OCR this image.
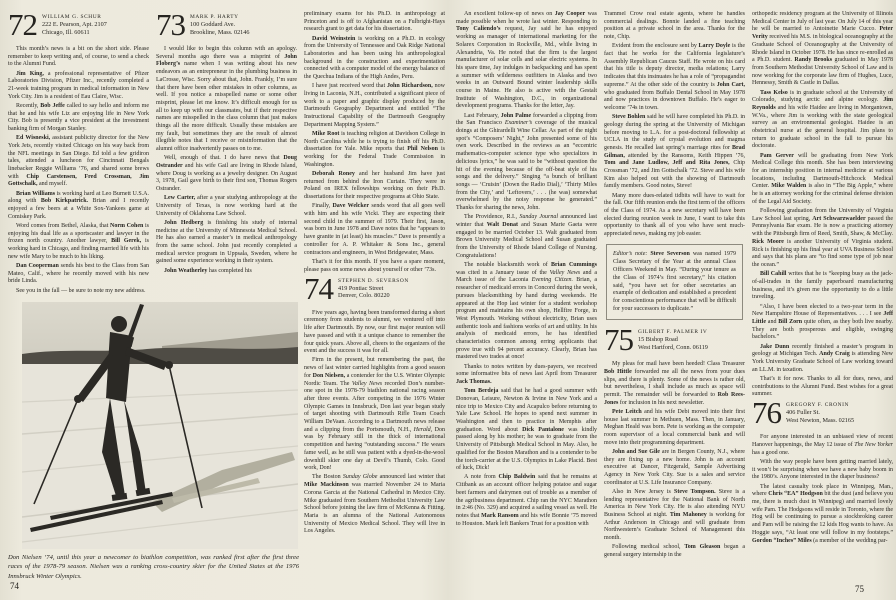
72 WILLIAM G. SCHUR
222 E. Pearson, Apt. 2107
Chicago, Ill. 60611

This month’s news is a bit on the short side. Please remember to keep writing and, of course, to send a check to the Alumni Fund.

Jim King, a professional representative of Pfizer Laboratories Division, Pfizer Inc., recently completed a 21-week training program in medical information in New York City. Jim is a resident of Eau Claire, Wisc.

Recently, Bob Jeffe called to say hello and inform me that he and his wife Liz are enjoying life in New York City. Bob is presently a vice president at the investment banking firm of Morgan Stanley.

Ed Wisneski, assistant publicity director for the New York Jets, recently visited Chicago on his way back from the NFL meetings in San Diego. Ed told a few gridiron tales, attended a luncheon for Cincinnati Bengals linebacker Reggie Williams ’76, and shared some brews with Chip Carstensen, Fred Crossman, Jim Gottschalk, and myself.

Brian Williams is working hard at Leo Burnett U.S.A. along with Bob Kirkpatrick. Brian and I recently enjoyed a few beers at a White Sox-Yankees game at Comiskey Park.

Word comes from Bethel, Alaska, that Norm Cohen is enjoying his dual life as a sportscaster and lawyer in the frozen north country. Another lawyer, Bill Gerek, is working hard in Chicago, and finding married life with his new wife Mary to be much to his liking.

Dan Cooperman sends his best to the Class from San Mateo, Calif., where he recently moved with his new bride Linda.

See you in the fall — be sure to note my new address.

73 MARK P. HARTY
100 Goddard Ave.
Brookline, Mass. 02146

I would like to begin this column with an apology. Several months ago there was a misprint of John Floberg’s name when I was writing about his new endeavors as an entrepreneur in the plumbing business in LaCrosse, Wisc. Sorry about that, John. Frankly, I’m sure that there have been other mistakes in other columns, as well. If you notice a misspelled name or some other misprint, please let me know. It’s difficult enough for us all to keep up with our classmates, but if their respective names are misspelled in the class column that just makes things all the more difficult. Usually these mistakes are my fault, but sometimes they are the result of almost illegible notes that I receive or misinformation that the alumni office inadvertently passes on to me.

Well, enough of that. I do have news that Doug Ostrander and his wife Gail are living in Rhode Island, where Doug is working as a jewelry designer. On August 3, 1978, Gail gave birth to their first son, Thomas Rogers Ostrander.

Lew Carter, after a year studying anthropology at the University of Texas, is now working hard at the University of Oklahoma Law School.

John Hedberg is finishing his study of internal medicine at the University of Minnesota Medical School. He has also earned a master’s in medical anthropology from the same school. John just recently completed a medical service program in Uppsala, Sweden, where he gained some experience working in their system.

John Weatherley has completed his

preliminary exams for his Ph.D. in anthropology at Princeton and is off to Afghanistan on a Fulbright-Hays research grant to get data for his dissertation.

David Weinstein is working on a Ph.D. in ecology from the University of Tennessee and Oak Ridge National Laboratories and has been using his anthropological background in the construction and experimentation connected with a computer model of the energy balance of the Quechua Indians of the High Andes, Peru.

I have just received word that John Richardson, now living in Laconia, N.H., contributed a significant piece of work to a paper and graphic display produced by the Dartmouth Geography Department and entitled “The Instructional Capability of the Dartmouth Geography Department Mapping System.”

Mike Root is teaching religion at Davidson College in North Carolina while he is trying to finish off his Ph.D. dissertation for Yale. Mike reports that Phil Nelson is working for the Federal Trade Commission in Washington.

Deborah Roney and her husband Jim have just returned from behind the Iron Curtain. They were in Poland on IREX fellowships working on their Ph.D. dissertations for their respective programs at Ohio State.

Finally, Dave Welcker sends word that all goes well with him and his wife Vicki. They are expecting their second child in the summer of 1979. Their first, Jason, was born in June 1978 and Dave notes that he “appears to have granite in (at least) his muscles.” Dave is presently a controller for A. P. Whitaker & Sons Inc., general contractors and engineers, in West Bridgewater, Mass.

That’s it for this month. If you have a spare moment, please pass on some news about yourself or other ’73s.

74 STEPHEN D. SEVERSON
419 Pontiac Street
Denver, Colo. 80220

Five years ago, having been transformed during a short ceremony from students to alumni, we ventured off into life after Dartmouth. By now, our first major reunion will have passed and with it a unique chance to remember the four quick years. Above all, cheers to the organizers of the event and the success it was for all.

Firm in the present, but remembering the past, the news of last winter carried highlights from a good season for Don Nielsen, a contender for the U.S. Winter Olympic Nordic Team. The Valley News recorded Don’s number-one spot in the 1978-79 biathlon national racing season after three events. After competing in the 1976 Winter Olympic Games in Innsbruck, Don last year began study of target shooting with Dartmouth Rifle Team Coach William DeVaan. According to a Dartmouth news release and a clipping from the Portsmouth, N.H., Herald, Don was by February still in the thick of international competition and having “outstanding success.” He wears fame well, as he still was patient with a dyed-in-the-wool downhill skier one day at Devil’s Thumb, Colo. Good work, Don!

The Boston Sunday Globe announced last winter that Mike Mackinson was married November 24 to Maria Corona Garcia at the National Cathedral in Mexico City. Mike graduated from Southern Methodist University Law School before joining the law firm of McKenna & Fitting. Maria is an alumna of the National Autonomous University of Mexico Medical School. They will live in Los Angeles.

An excellent follow-up of news on Jay Cooper was made possible when he wrote last winter. Responding to Tony Caliendo’s request, Jay said he has enjoyed working as manager of international marketing for the Solarex Corporation in Rockville, Md., while living in Alexandria, Va. He noted that the firm is the largest manufacturer of solar cells and solar electric systems. In his spare time, Jay indulges in backpacking and has spent a summer with wilderness outfitters in Alaska and two weeks in an Outward Bound winter leadership skills course in Maine. He also is active with the Gestalt Institute of Washington, D.C., in organizational development programs. Thanks for the letter, Jay.

Last February, John Palme forwarded a clipping from the San Francisco Examiner’s coverage of the musical doings at the Ghirardelli Wine Cellar. As part of the night spot’s “Composers’ Night,” John presented some of his own work. Described in the reviews as an “eccentric mathematics-computer science type who specializes in delicious lyrics,” he was said to be “without question the hit of the evening because of the off-beat style of his songs and the delivery.” Singing “a bunch of brilliant songs — ‘Cruisin’ (Down the Radio Dial),’ ‘Thirty Miles from the City,’ and ‘Leftovers,’ . . . (he was) somewhat overwhelmed by the noisy response he generated.” Thanks for sharing the news, John.

The Providence, R.I., Sunday Journal announced last winter that Walt Donat and Susan Marie Gaeta were engaged to be married October 13. Walt graduated from Brown University Medical School and Susan graduated from the University of Rhode Island College of Nursing. Congratulations!

The notable blacksmith work of Brian Cummings was cited in a January issue of the Valley News and a March issue of the Laconia Evening Citizen. Brian, a researcher of medicaid errors in Concord during the week, pursues blacksmithing by hand during weekends. He appeared at the Hop last winter for a student workshop program and maintains his own shop, Hellfire Forge, in West Plymouth. Working without electricity, Brian uses authentic tools and fashions works of art and utility. In his analysis of medicaid errors, he has identified characteristics common among erring applicants that prove true with 94 percent accuracy. Clearly, Brian has mastered two trades at once!

Thanks to notes written by dues-payers, we received some informative bits of news last April from Treasurer Jack Thomas.

Tom Berdeja said that he had a good summer with Donovan, Leisure, Newton & Irvine in New York and a nice trip to Mexico City and Acapulco before returning to Yale Law School. He hopes to spend next summer in Washington and then to practice in Memphis after graduation. Word about Dick Pantalone was kindly passed along by his mother; he was to graduate from the University of Pittsburgh Medical School in May. Also, he qualified for the Boston Marathon and is a contender to be the torch-carrier at the U.S. Olympics in Lake Placid. Best of luck, Dick!

A note from Chip Baldwin said that he remains at Citibank as an account officer helping potatoe and sugar beet farmers and dairymen out of trouble as a member of the agribusiness department. Chip ran the NYC Marathon in 2:46 (No. 329) and acquired a sailing vessel as well. He notes that Mark Ransom and his wife Bonnie ’75 moved to Houston. Mark left Bankers Trust for a position with

Trammel Crow real estate agents, where he handles commercial dealings. Bonnie landed a fine teaching position at a private school in the area. Thanks for the note, Chip.

Evident from the enclosure sent by Larry Doyle is the fact that he works for the California legislature’s Assembly Republican Caucus Staff. He wrote on his card that his title is deputy director, media relations; Larry indicates that this insinuates he has a role of “propagandist supreme.” At the other side of the country is John Cart, who graduated from Buffalo Dental School in May 1978 and now practices in downtown Buffalo. He’s eager to welcome ’74s in town.

Steve Bohlen said he will have completed his Ph.D. in geology during the spring at the University of Michigan before moving to L.A. for a post-doctoral fellowship at UCLA in the study of crystal evolution and magma genesis. He recalled last spring’s marriage rites for Brad Gilman, attended by the Ransoms, Keith Hippen ’76, Tom and Jane Ludlow, Jeff and Rita Jones, Chip Crossman ’72, and Jim Gottschalk ’72. Steve and his wife Kim also helped out with the showing of Dartmouth family members. Good notes, Steve!

Many more dues-related tidbits will have to wait for the fall. Our fifth reunion ends the first term of the officers of the Class of 1974. As a new secretary will have been elected during reunion week in June, I want to take this opportunity to thank all of you who have sent much-appreciated news, making my job easier.

Editor’s note: Steve Severson was named 1979 Class Secretary of the Year at the annual Class Officers Weekend in May. “During your tenure as the Class of 1974’s first secretary,” his citation said, “you have set for other secretaries an example of dedication and established a precedent for conscientious performance that will be difficult for your successors to duplicate.”
75 GILBERT F. PALMER IV
15 Bishop Road
West Hartford, Conn. 06119

My pleas for mail have been heeded! Class Treasurer Bob Hittle forwarded me all the news from your dues slips, and there is plenty. Some of the news is rather old, but nevertheless, I shall include as much as space will permit. The remainder will be forwarded to Rob Rees-Jones for inclusion in his next newsletter.

Pete Leitch and his wife Debi moved into their first house last summer in Methuen, Mass. Then, in January, Meghan Heald was born. Pete is working as the computer room supervisor of a local commercial bank and will move into their programming department.

John and Sue Gile are in Bergen County, N.J., where they are fixing up a new home. John is an account executive at Dancer, Fitzgerald, Sample Advertising Agency in New York City. Sue is a sales and service coordinator at U.S. Life Insurance Company.

Also in New Jersey is Steve Tompson. Steve is a lending representative for the National Bank of North America in New York City. He is also attending NYU Business School at night. Tim Mahoney is working for Arthur Anderson in Chicago and will graduate from Northwestern’s Graduate School of Management this month.

Following medical school, Tom Gleason began a general surgery internship in the

orthopedic residency program at the University of Illinois Medical Center in July of last year. On July 14 of this year he will be married to Antoinette Marie Cucco. Peter Verity received his M.S. in biological oceanography at the Graduate School of Oceanography at the University of Rhode Island in October 1978. He has since re-enrolled as a Ph.D. student. Randy Brooks graduated in May 1978 from Southern Methodist University School of Law and is now working for the corporate law firm of Hughes, Luce, Hennessy, Smith & Castle in Dallas.

Tass Kelso is in graduate school at the University of Colorado, studying arctic and alpine ecology. Jim Reynolds and his wife Haidee are living in Morgantown, W.Va., where Jim is working with the state geological survey as an environmental geologist. Haidee is an obstetrical nurse at the general hospital. Jim plans to return to graduate school in the fall to pursue his doctorate.

Pam Gerver will be graduating from New York Medical College this month. She has been interviewing for an internship position in internal medicine at various locations, including Dartmouth-Hitchcock Medical Center. Mike Walden is also in “The Big Apple,” where he is an attorney working for the criminal defense division of the Legal Aid Society.

Following graduation from the University of Virginia Law School last spring, Art Schwarzwaelder passed the Pennsylvania Bar exam. He is now a practicing attorney with the Pittsburgh firm of Reed, Smith, Shaw, & McClay. Rick Moore is another University of Virginia student. Rick is finishing up his final year at UVA Business School and says that his plans are “to find some type of job near the ocean.”

Bill Cahill writes that he is “keeping busy as the jack-of-all-trades in the family paperboard manufacturing business, and it’s given me the opportunity to do a little traveling.

“Also, I have been elected to a two-year term in the New Hampshire House of Representatives. . . . I see Jeff Little and Bill Zorn quite often, as they both live nearby. They are both prosperous and eligible, swinging bachelors.”

Jake Dunn recently finished a master’s program in geology at Michigan Tech. Andy Craig is attending New York University Graduate School of Law working toward an LL.M. in taxation.

That’s it for now. Thanks to all for dues, news, and contributions to the Alumni Fund. Best wishes for a great summer.

76 GREGORY F. CRONIN
406 Fuller St.
West Newton, Mass. 02165

For anyone interested in an unbiased view of recent Hanover happenings, the May 12 issue of The New Yorker has a good one.

With the way people have been getting married lately, it won’t be surprising when we have a new baby boom in the 1980’s. Anyone interested in the diaper business?

The latest casualty took place in Winnipeg, Man., where Chris “EA” Hodgson bit the dust (and believe you me, there is much dust in Winnipeg) and married lovely wife Pam. The Hodgsons will reside in Toronto, where the Hog will be continuing to pursue a stockbroking career and Pam will be raising the 12 kids Hog wants to have. As Hoggie says, “At least one will follow in my footsteps.” Gordon “Inches” Miles (a member of the wedding par-

Don Nielsen ’74, until this year a newcomer to biathlon competition, was ranked first after the first three races of the 1978-79 season. Nielsen was a ranking cross-country skier for the United States at the 1976 Innsbruck Winter Olympics.
74	75
